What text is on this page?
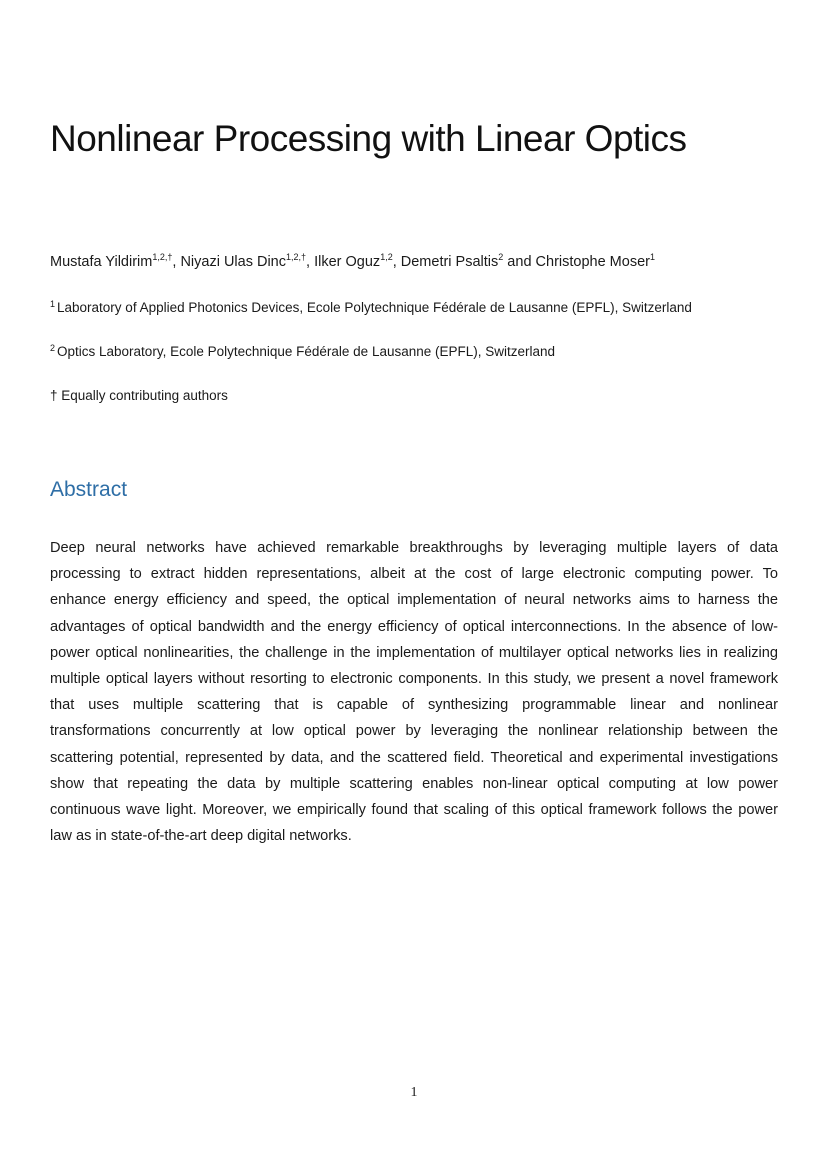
Nonlinear Processing with Linear Optics
Mustafa Yildirim$^{1,2,\dagger}$, Niyazi Ulas Dinc$^{1,2,\dagger}$, Ilker Oguz$^{1,2}$, Demetri Psaltis$^2$ and Christophe Moser$^1$
$^1$ Laboratory of Applied Photonics Devices, Ecole Polytechnique Fédérale de Lausanne (EPFL), Switzerland
$^2$ Optics Laboratory, Ecole Polytechnique Fédérale de Lausanne (EPFL), Switzerland
† Equally contributing authors
Abstract
Deep neural networks have achieved remarkable breakthroughs by leveraging multiple layers of data
processing to extract hidden representations, albeit at the cost of large electronic computing power. To
enhance energy efficiency and speed, the optical implementation of neural networks aims to harness the
advantages of optical bandwidth and the energy efficiency of optical interconnections. In the absence of low-
power optical nonlinearities, the challenge in the implementation of multilayer optical networks lies in realizing
multiple optical layers without resorting to electronic components. In this study, we present a novel framework
that uses multiple scattering that is capable of synthesizing programmable linear and nonlinear
transformations concurrently at low optical power by leveraging the nonlinear relationship between the
scattering potential, represented by data, and the scattered field. Theoretical and experimental investigations
show that repeating the data by multiple scattering enables non-linear optical computing at low power
continuous wave light. Moreover, we empirically found that scaling of this optical framework follows the power
law as in state-of-the-art deep digital networks.
1
